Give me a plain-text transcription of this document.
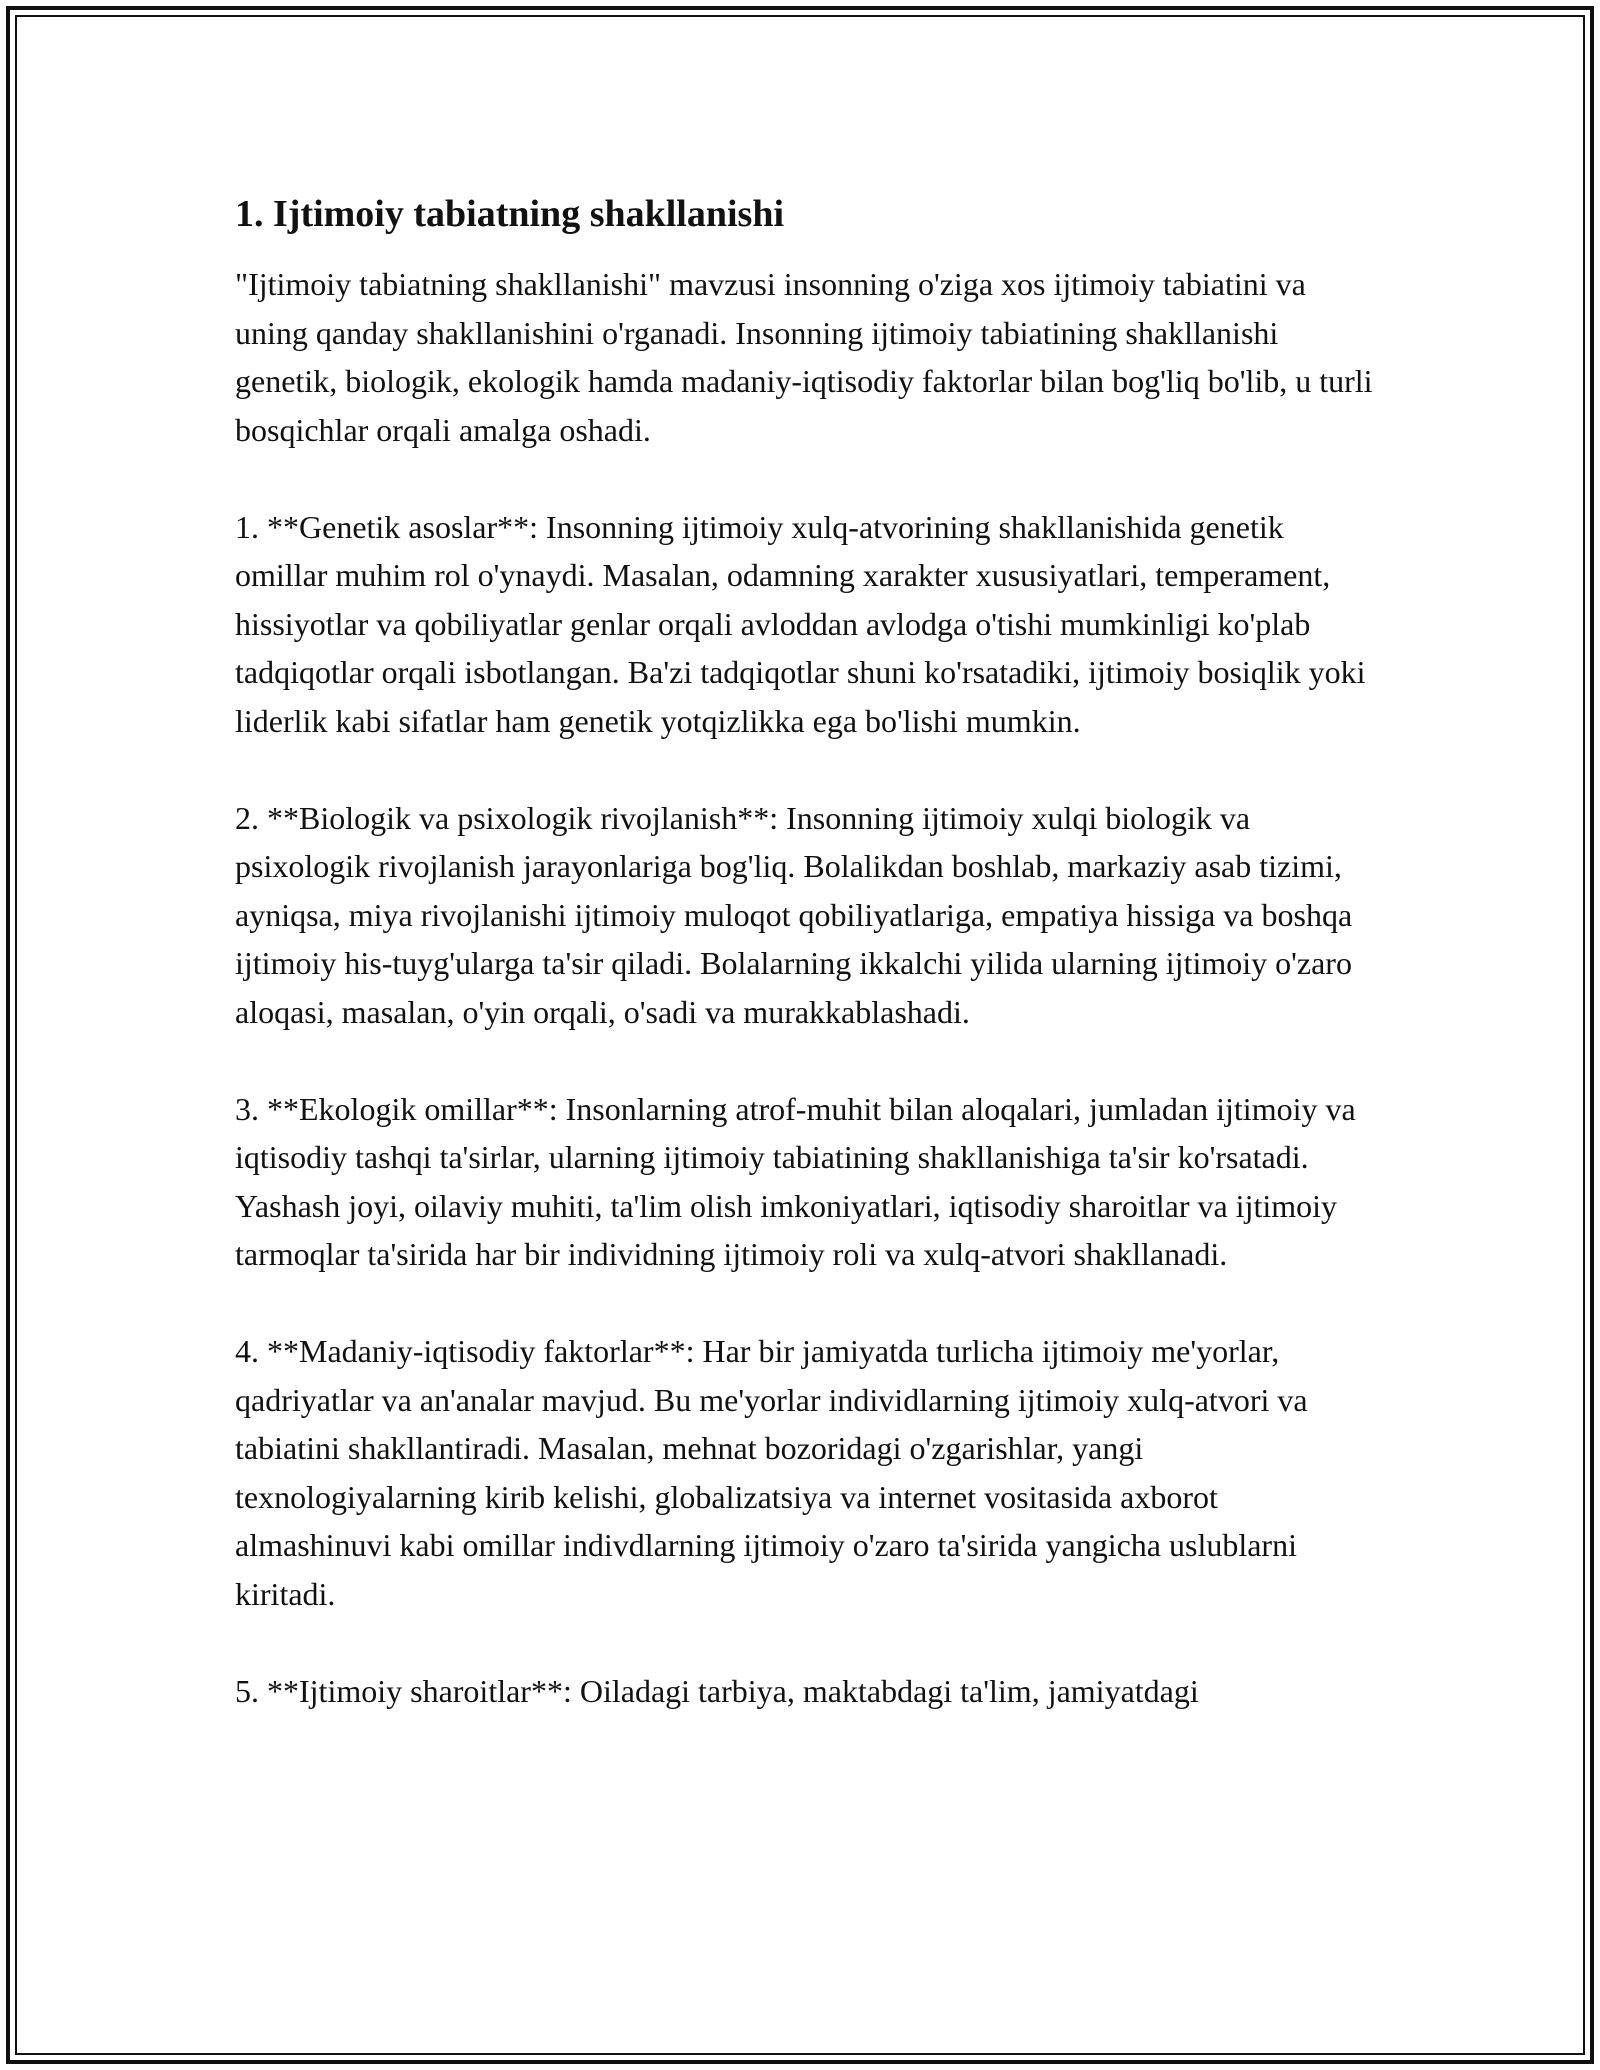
1. Ijtimoiy tabiatning shakllanishi

"Ijtimoiy tabiatning shakllanishi" mavzusi insonning o'ziga xos ijtimoiy tabiatini va uning qanday shakllanishini o'rganadi. Insonning ijtimoiy tabiatining shakllanishi genetik, biologik, ekologik hamda madaniy-iqtisodiy faktorlar bilan bog'liq bo'lib, u turli bosqichlar orqali amalga oshadi.

1. **Genetik asoslar**: Insonning ijtimoiy xulq-atvorining shakllanishida genetik omillar muhim rol o'ynaydi. Masalan, odamning xarakter xususiyatlari, temperament, hissiyotlar va qobiliyatlar genlar orqali avloddan avlodga o'tishi mumkinligi ko'plab tadqiqotlar orqali isbotlangan. Ba'zi tadqiqotlar shuni ko'rsatadiki, ijtimoiy bosiqlik yoki liderlik kabi sifatlar ham genetik yotqizlikka ega bo'lishi mumkin.

2. **Biologik va psixologik rivojlanish**: Insonning ijtimoiy xulqi biologik va psixologik rivojlanish jarayonlariga bog'liq. Bolalikdan boshlab, markaziy asab tizimi, ayniqsa, miya rivojlanishi ijtimoiy muloqot qobiliyatlariga, empatiya hissiga va boshqa ijtimoiy his-tuyg'ularga ta'sir qiladi. Bolalarning ikkalchi yilida ularning ijtimoiy o'zaro aloqasi, masalan, o'yin orqali, o'sadi va murakkablashadi.

3. **Ekologik omillar**: Insonlarning atrof-muhit bilan aloqalari, jumladan ijtimoiy va iqtisodiy tashqi ta'sirlar, ularning ijtimoiy tabiatining shakllanishiga ta'sir ko'rsatadi. Yashash joyi, oilaviy muhiti, ta'lim olish imkoniyatlari, iqtisodiy sharoitlar va ijtimoiy tarmoqlar ta'sirida har bir individning ijtimoiy roli va xulq-atvori shakllanadi.

4. **Madaniy-iqtisodiy faktorlar**: Har bir jamiyatda turlicha ijtimoiy me'yorlar, qadriyatlar va an'analar mavjud. Bu me'yorlar individlarning ijtimoiy xulq-atvori va tabiatini shakllantiradi. Masalan, mehnat bozoridagi o'zgarishlar, yangi texnologiyalarning kirib kelishi, globalizatsiya va internet vositasida axborot almashinuvi kabi omillar indivdlarning ijtimoiy o'zaro ta'sirida yangicha uslublarni kiritadi.

5. **Ijtimoiy sharoitlar**: Oiladagi tarbiya, maktabdagi ta'lim, jamiyatdagi
